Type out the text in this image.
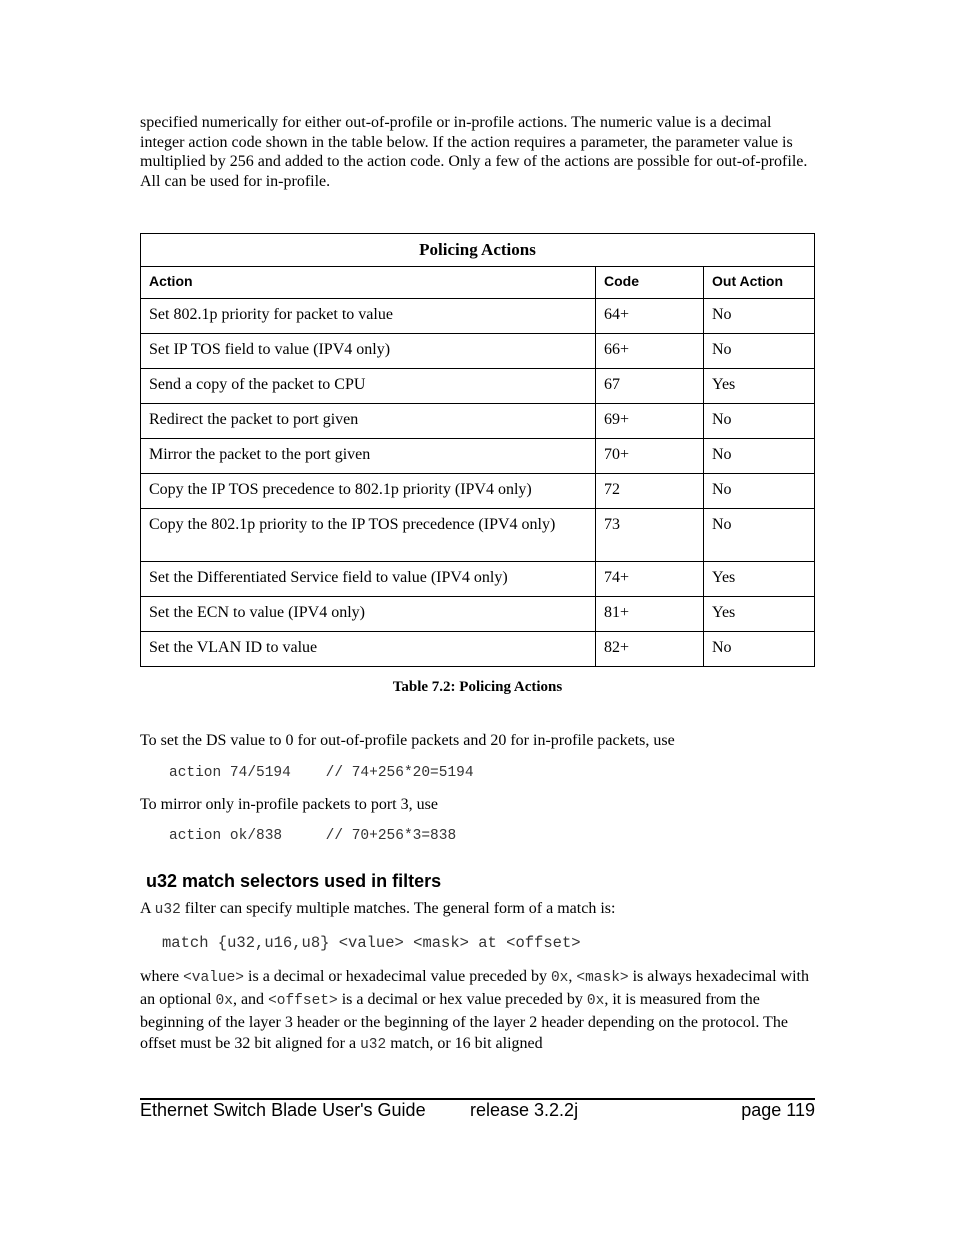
specified numerically for either out-of-profile or in-profile actions. The numeric value is a decimal integer action code shown in the table below. If the action requires a parameter, the parameter value is multiplied by 256 and added to the action code. Only a few of the actions are possible for out-of-profile. All can be used for in-profile.

Policing Actions		
Action	Code	Out Action
Set 802.1p priority for packet to value	64+	No
Set IP TOS field to value (IPV4 only)	66+	No
Send a copy of the packet to CPU	67	Yes
Redirect the packet to port given	69+	No
Mirror the packet to the port given	70+	No
Copy the IP TOS precedence to 802.1p priority (IPV4 only)	72	No
Copy the 802.1p priority to the IP TOS precedence (IPV4 only)	73	No
Set the Differentiated Service field to value (IPV4 only)	74+	Yes
Set the ECN to value (IPV4 only)	81+	Yes
Set the VLAN ID to value	82+	No
Table 7.2: Policing Actions

To set the DS value to 0 for out-of-profile packets and 20 for in-profile packets, use

action 74/5194    // 74+256*20=5194

To mirror only in-profile packets to port 3, use

action ok/838     // 70+256*3=838

u32 match selectors used in filters

A u32 filter can specify multiple matches. The general form of a match is:

match {u32,u16,u8} <value> <mask> at <offset>

where <value> is a decimal or hexadecimal value preceded by 0x, <mask> is always hexadecimal with an optional 0x, and <offset> is a decimal or hex value preceded by 0x, it is measured from the beginning of the layer 3 header or the beginning of the layer 2 header depending on the protocol. The offset must be 32 bit aligned for a u32 match, or 16 bit aligned

Ethernet Switch Blade User's Guide release 3.2.2j	page 119
